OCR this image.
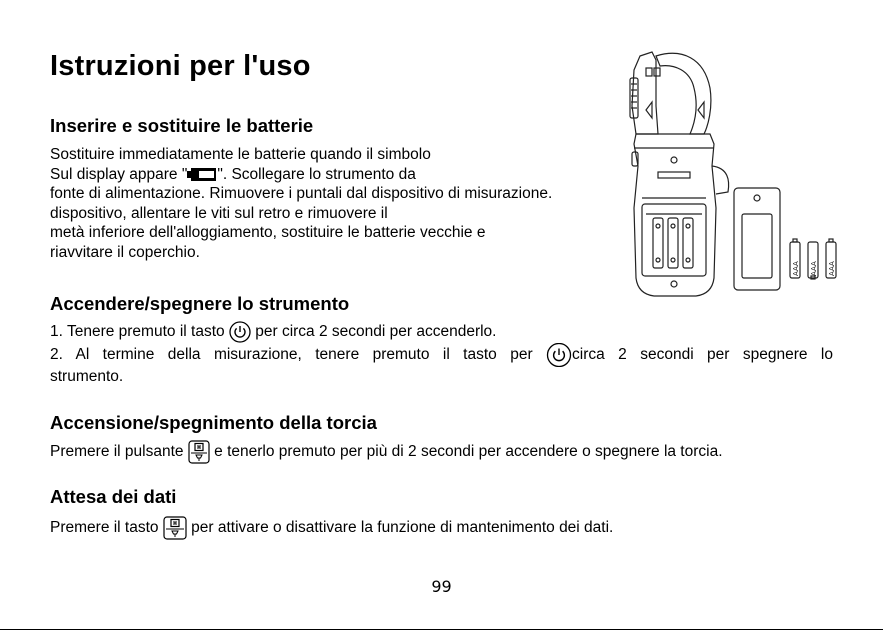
Istruzioni per l'uso
Inserire e sostituire le batterie
Sostituire immediatamente le batterie quando il simbolo
Sul display appare " ". Scollegare lo strumento da
fonte di alimentazione. Rimuovere i puntali dal dispositivo di misurazione.
dispositivo, allentare le viti sul retro e rimuovere il
metà inferiore dell'alloggiamento, sostituire le batterie vecchie e
riavvitare il coperchio.
Accendere/spegnere lo strumento
1. Tenere premuto il tasto  per circa 2 secondi per accenderlo.
2. Al termine della misurazione, tenere premuto il tasto per circa 2 secondi per spegnere lo
strumento.
Accensione/spegnimento della torcia
Premere il pulsante  e tenerlo premuto per più di 2 secondi per accendere o spegnere la torcia.
Attesa dei dati
Premere il tasto  per attivare o disattivare la funzione di mantenimento dei dati.
AAA AAA AAA
99
